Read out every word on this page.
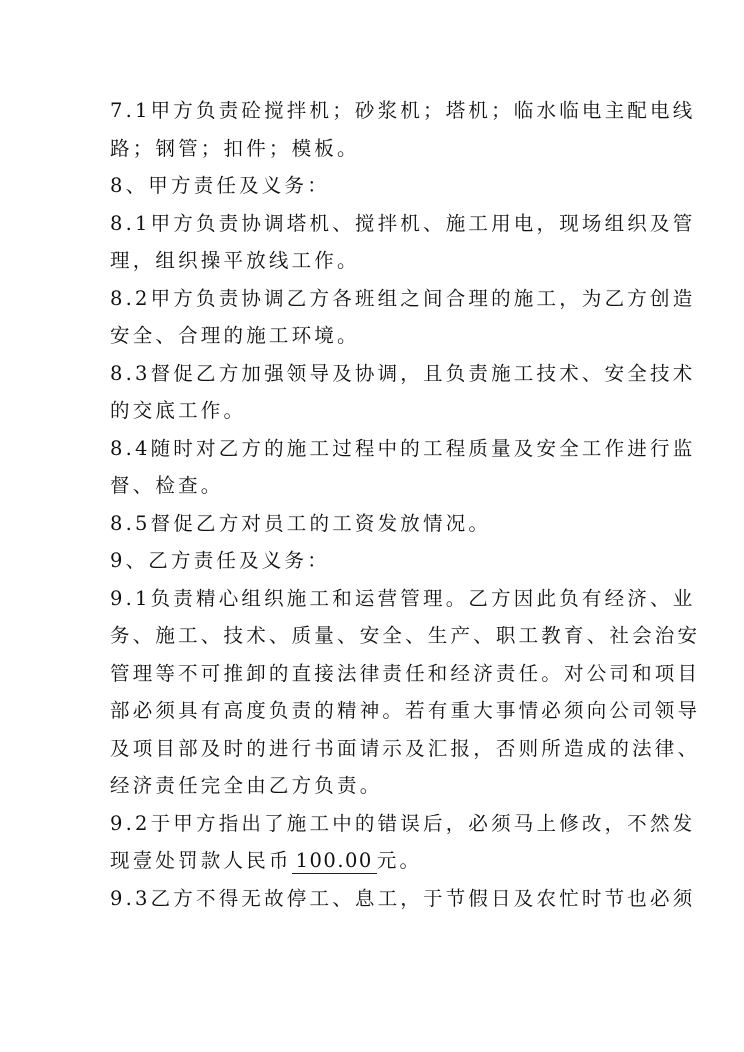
7.1甲方负责砼搅拌机；砂浆机；塔机；临水临电主配电线
路；钢管；扣件；模板。
8、甲方责任及义务：
8.1甲方负责协调塔机、搅拌机、施工用电，现场组织及管
理，组织操平放线工作。
8.2甲方负责协调乙方各班组之间合理的施工，为乙方创造
安全、合理的施工环境。
8.3督促乙方加强领导及协调，且负责施工技术、安全技术
的交底工作。
8.4随时对乙方的施工过程中的工程质量及安全工作进行监
督、检查。
8.5督促乙方对员工的工资发放情况。
9、乙方责任及义务：
9.1负责精心组织施工和运营管理。乙方因此负有经济、业
务、施工、技术、质量、安全、生产、职工教育、社会治安
管理等不可推卸的直接法律责任和经济责任。对公司和项目
部必须具有高度负责的精神。若有重大事情必须向公司领导
及项目部及时的进行书面请示及汇报，否则所造成的法律、
经济责任完全由乙方负责。
9.2于甲方指出了施工中的错误后，必须马上修改，不然发
现壹处罚款人民币 100.00 元。
9.3乙方不得无故停工、息工，于节假日及农忙时节也必须
